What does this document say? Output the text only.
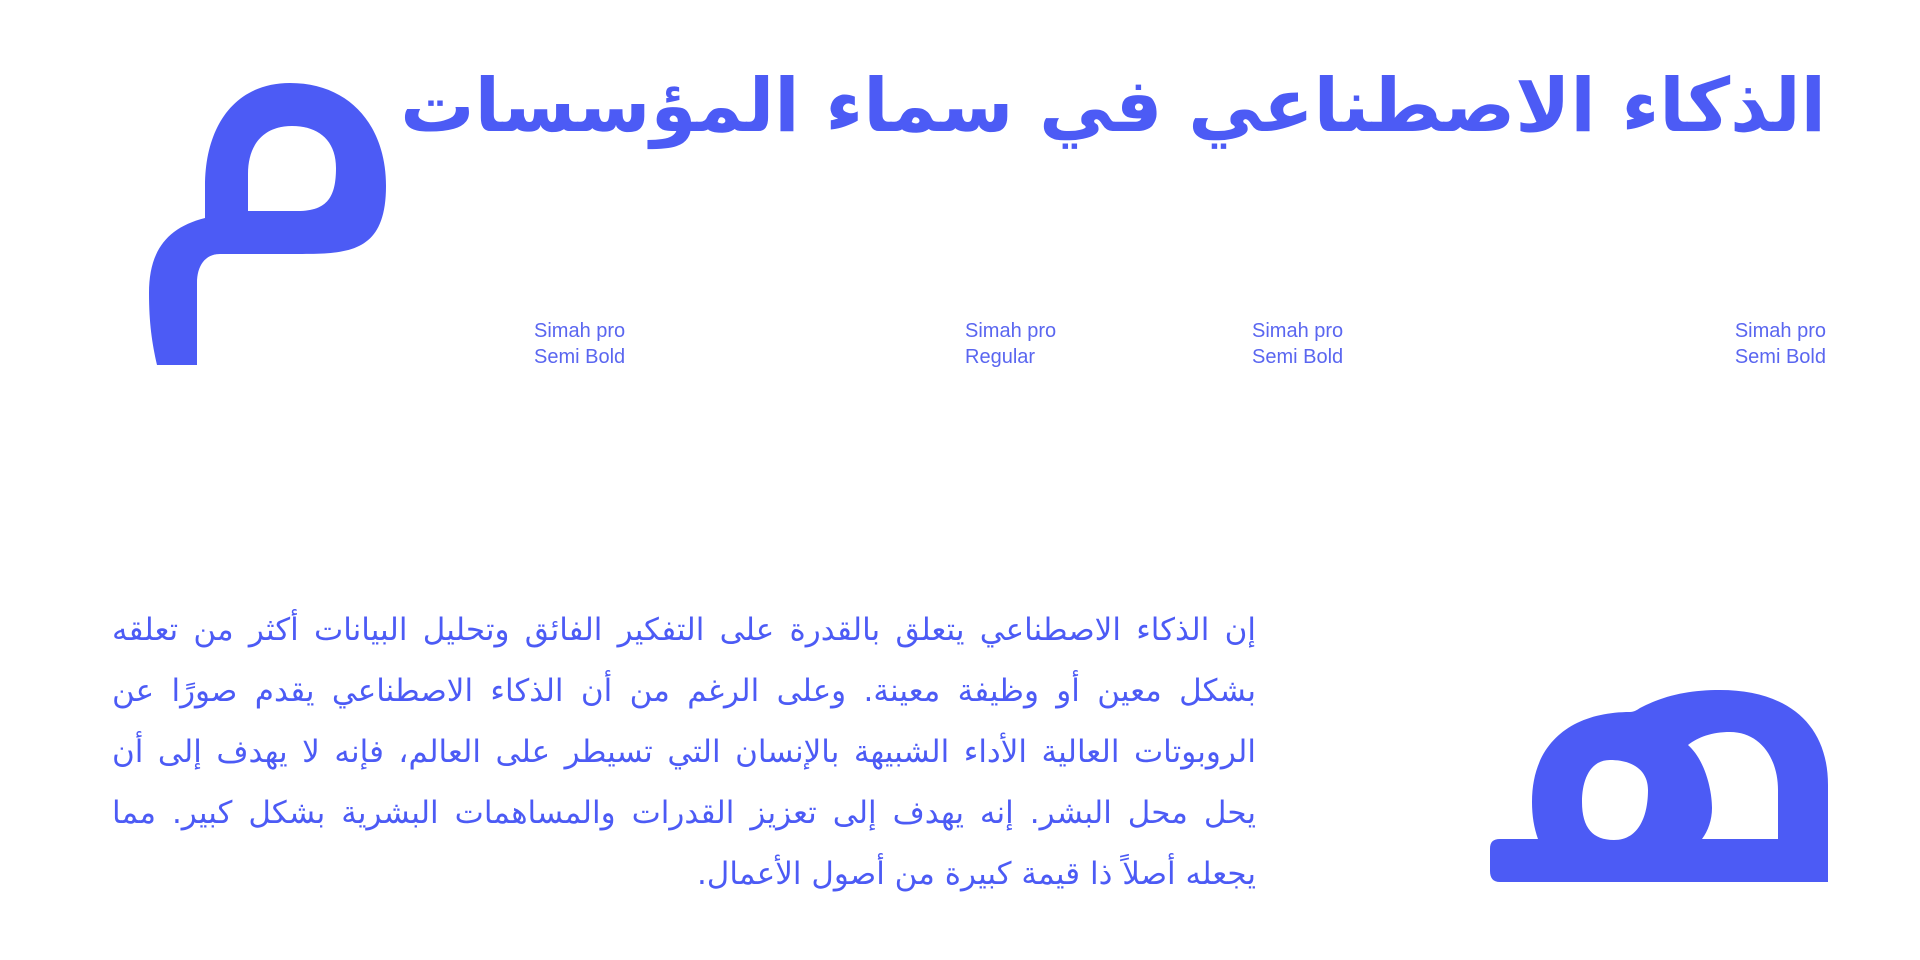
الذكاء الاصطناعي في سماء المؤسسات
Simah pro
Semi Bold
Simah pro
Regular
Simah pro
Semi Bold
Simah pro
Semi Bold

إن الذكاء الاصطناعي يتعلق بالقدرة على التفكير الفائق وتحليل البيانات أكثر من تعلقه بشكل معين أو وظيفة معينة. وعلى الرغم من أن الذكاء الاصطناعي يقدم صورًا عن الروبوتات العالية الأداء الشبيهة بالإنسان التي تسيطر على العالم، فإنه لا يهدف إلى أن يحل محل البشر. إنه يهدف إلى تعزيز القدرات والمساهمات البشرية بشكل كبير. مما يجعله أصلاً ذا قيمة كبيرة من أصول الأعمال.
